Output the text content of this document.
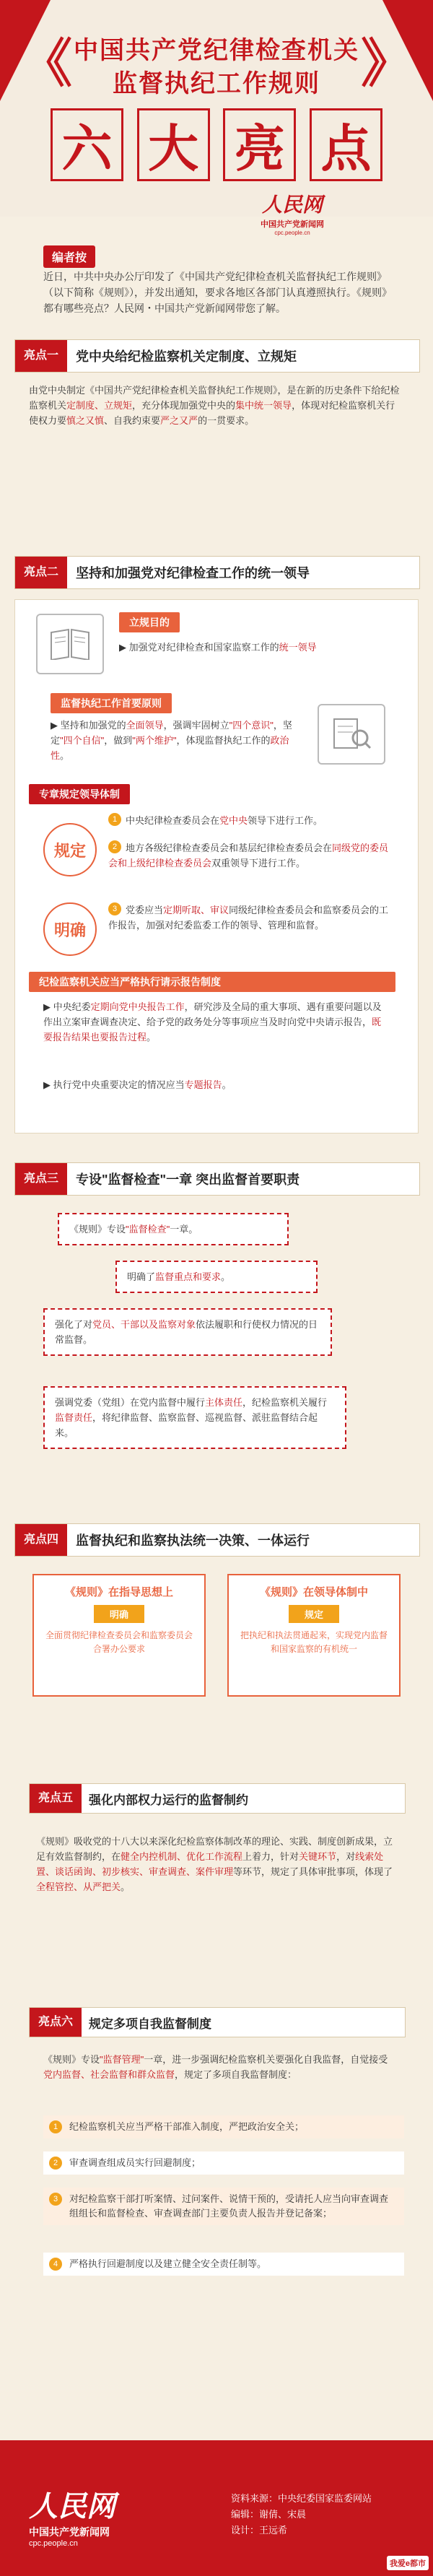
《	》
中国共产党纪律检查机关
监督执纪工作规则
六 大 亮 点
人民网
中国共产党新闻网
cpc.people.cn
编者按
近日，中共中央办公厅印发了《中国共产党纪律检查机关监督执纪工作规则》（以下简称《规则》），并发出通知，要求各地区各部门认真遵照执行。《规则》都有哪些亮点？人民网・中国共产党新闻网带您了解。
亮点一	党中央给纪检监察机关定制度、立规矩
由党中央制定《中国共产党纪律检查机关监督执纪工作规则》，是在新的历史条件下给纪检监察机关定制度、立规矩，充分体现加强党中央的集中统一领导，体现对纪检监察机关行使权力要慎之又慎、自我约束要严之又严的一贯要求。
亮点二	坚持和加强党对纪律检查工作的统一领导
立规目的
▶ 加强党对纪律检查和国家监察工作的统一领导
监督执纪工作首要原则
▶ 坚持和加强党的全面领导，强调牢固树立"四个意识"，坚定"四个自信"，做到"两个维护"，体现监督执纪工作的政治性。
专章规定领导体制
规定
明确
1 中央纪律检查委员会在党中央领导下进行工作。
2 地方各级纪律检查委员会和基层纪律检查委员会在同级党的委员会和上级纪律检查委员会双重领导下进行工作。
3 党委应当定期听取、审议同级纪律检查委员会和监察委员会的工作报告，加强对纪委监委工作的领导、管理和监督。
纪检监察机关应当严格执行请示报告制度
▶ 中央纪委定期向党中央报告工作，研究涉及全局的重大事项、遇有重要问题以及作出立案审查调查决定、给予党的政务处分等事项应当及时向党中央请示报告，既要报告结果也要报告过程。
▶ 执行党中央重要决定的情况应当专题报告。
亮点三	专设"监督检查"一章 突出监督首要职责
《规则》专设"监督检查"一章。
明确了监督重点和要求。
强化了对党员、干部以及监察对象依法履职和行使权力情况的日常监督。
强调党委（党组）在党内监督中履行主体责任，纪检监察机关履行监督责任，将纪律监督、监察监督、巡视监督、派驻监督结合起来。
亮点四	监督执纪和监察执法统一决策、一体运行
《规则》在指导思想上
明确
全面贯彻纪律检查委员会和监察委员会合署办公要求
《规则》在领导体制中
规定
把执纪和执法贯通起来，实现党内监督和国家监察的有机统一
亮点五	强化内部权力运行的监督制约
《规则》吸收党的十八大以来深化纪检监察体制改革的理论、实践、制度创新成果，立足有效监督制约，在健全内控机制、优化工作流程上着力，针对关键环节，对线索处置、谈话函询、初步核实、审查调查、案件审理等环节，规定了具体审批事项，体现了全程管控、从严把关。
亮点六	规定多项自我监督制度
《规则》专设"监督管理"一章，进一步强调纪检监察机关要强化自我监督，自觉接受党内监督、社会监督和群众监督，规定了多项自我监督制度：
1	纪检监察机关应当严格干部准入制度，严把政治安全关；
2	审查调查组成员实行回避制度；
3	对纪检监察干部打听案情、过问案件、说情干预的，受请托人应当向审查调查组组长和监督检查、审查调查部门主要负责人报告并登记备案；
4	严格执行回避制度以及建立健全安全责任制等。
人民网
中国共产党新闻网
cpc.people.cn
资料来源：中央纪委国家监委网站
编辑：谢倩、宋晨
设计：王远希
我爱e都市
